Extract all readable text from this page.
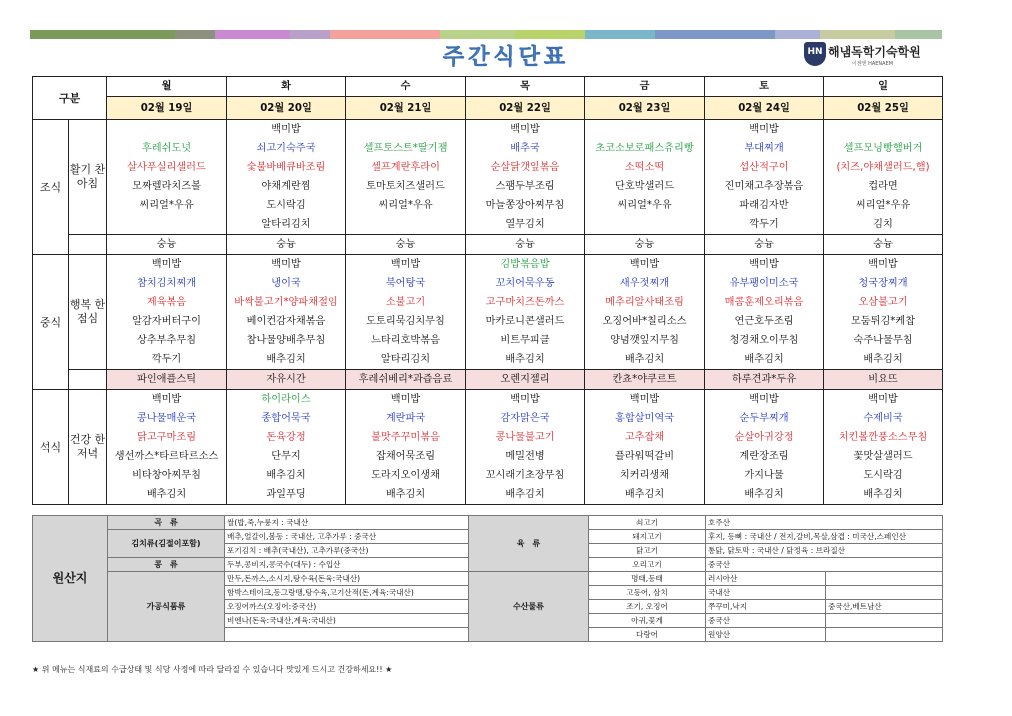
주간식단표	HN 해냄독학기숙학원
이젠엔 HAENAEM
구분		월	화	수	목	금	토	일
		02월 19일	02월 20일	02월 21일	02월 22일	02월 23일	02월 24일	02월 25일
조식	활기 찬 아침		백미밥		백미밥		백미밥	
		후레쉬도넛	쇠고기숙주국	셀프토스트*딸기잼	배추국	초코소보로패스츄리빵	부대찌개	셀프모닝빵햄버거
		살사푸실리샐러드	숯불바베큐바조림	셀프계란후라이	순살닭갯잎볶음	소떡소떡	섭산적구이	(치즈,야채샐러드,햄)
		모짜렐라치즈볼	야채계란찜	토마토치즈샐러드	스팸두부조림	단호박샐러드	진미채고추장볶음	컵라면
		씨리얼*우유	도시락김	씨리얼*우유	마늘쫑장아찌무침	씨리얼*우유	파래김자반	씨리얼*우유
			알타리김치		열무김치		깍두기	김치
		숭늉	숭늉	숭늉	숭늉	숭늉	숭늉	숭늉
중식	행복 한 점심	백미밥	백미밥	백미밥	김밥볶음밥	백미밥	백미밥	백미밥
		참치김치찌개	냉이국	북어탕국	꼬치어묵우동	새우젓찌개	유부팽이미소국	청국장찌개
		제육볶음	바싹불고기*양파채절임	소불고기	고구마치즈돈까스	메추리알사태조림	매콤훈제오리볶음	오삼불고기
		알감자버터구이	베이컨감자채볶음	도토리묵김치무침	마카로니콘샐러드	오징어바*칠리소스	연근호두조림	모둠튀김*케찹
		상추부추무침	참나물양배추무침	느타리호박볶음	비트무피클	양념깻잎지무침	청경채오이무침	숙주나물무침
		깍두기	배추김치	알타리김치	배추김치	배추김치	배추김치	배추김치
		파인애플스틱	자유시간	후레쉬베리*과즙음료	오렌지젤리	칸쵸*야쿠르트	하루견과*두유	비요뜨
석식	건강 한 저녁	백미밥	하이라이스	백미밥	백미밥	백미밥	백미밥	백미밥
		콩나물매운국	종합어묵국	계란파국	감자맑은국	홍합살미역국	순두부찌개	수제비국
		닭고구마조림	돈육강정	불맛주꾸미볶음	콩나물불고기	고추잡채	순살아귀강정	치킨볼깐풍소스무침
		생선까스*타르타르소스	단무지	잡채어묵조림	메밀전병	플라워떡갈비	계란장조림	꽃맛살샐러드
		비타창아찌무침	배추김치	도라지오이생채	꼬시래기초장무침	치커리생채	가지나물	도시락김
		배추김치	과일푸딩	배추김치	배추김치	배추김치	배추김치	배추김치
원산지	곡　류	쌀(밥,죽,누룽지 : 국내산	육　류	쇠고기	호주산	
	김치류(김절이포함)	배추,얼갈이,봄동 : 국내산, 고추가루 : 중국산		돼지고기	후지, 등뼈 : 국내산 / 전지,갈비,목살,삼겹 : 미국산,스페인산	
		포기김치 : 배추(국내산), 고추가루(중국산)		닭고기	통닭, 닭토막 : 국내산 / 닭정육 : 브라질산	
	콩　류	두부,콩비지,콩국수(대두) : 수입산		오리고기	중국산	
	가공식품류	만두,돈까스,소시지,탕수육(돈육:국내산)	수산물류	명태,동태	러시아산	
		함박스테이크,동그랑땡,탕수육,고기산적(돈,계육:국내산)		고등어, 삼치	국내산	
		오징어까스(오징어:중국산)		조기, 오징어	쭈꾸미,낙지	중국산,베트남산
		비엔나(돈육:국내산,계육:국내산)		아귀,꽃게	중국산	
				다랑어	원양산	
★ 위 메뉴는 식재료의 수급상태 및 식당 사정에 따라 달라질 수 있습니다 맛있게 드시고 건강하세요!! ★
